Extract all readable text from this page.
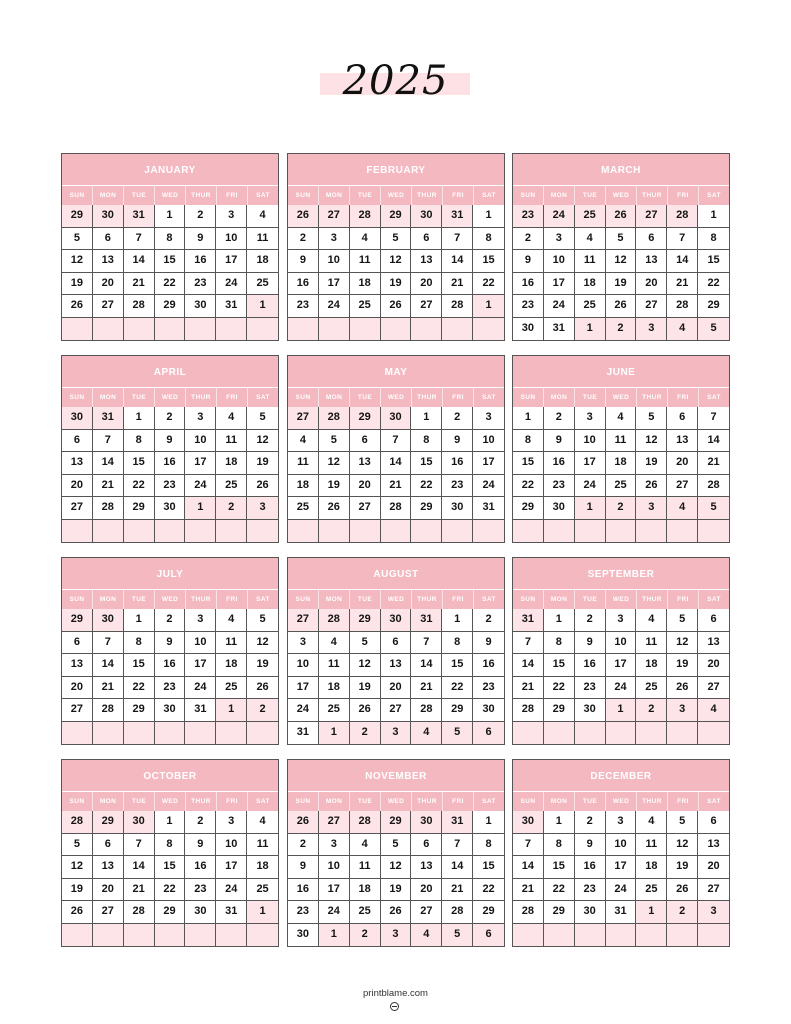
2025
JANUARY
SUN	MON	TUE	WED	THUR	FRI	SAT
29	30	31	1	2	3	4
5	6	7	8	9	10	11
12	13	14	15	16	17	18
19	20	21	22	23	24	25
26	27	28	29	30	31	1
FEBRUARY
SUN	MON	TUE	WED	THUR	FRI	SAT
26	27	28	29	30	31	1
2	3	4	5	6	7	8
9	10	11	12	13	14	15
16	17	18	19	20	21	22
23	24	25	26	27	28	1
MARCH
SUN	MON	TUE	WED	THUR	FRI	SAT
23	24	25	26	27	28	1
2	3	4	5	6	7	8
9	10	11	12	13	14	15
16	17	18	19	20	21	22
23	24	25	26	27	28	29
30	31	1	2	3	4	5
APRIL
SUN	MON	TUE	WED	THUR	FRI	SAT
30	31	1	2	3	4	5
6	7	8	9	10	11	12
13	14	15	16	17	18	19
20	21	22	23	24	25	26
27	28	29	30	1	2	3
MAY
SUN	MON	TUE	WED	THUR	FRI	SAT
27	28	29	30	1	2	3
4	5	6	7	8	9	10
11	12	13	14	15	16	17
18	19	20	21	22	23	24
25	26	27	28	29	30	31
JUNE
SUN	MON	TUE	WED	THUR	FRI	SAT
1	2	3	4	5	6	7
8	9	10	11	12	13	14
15	16	17	18	19	20	21
22	23	24	25	26	27	28
29	30	1	2	3	4	5
JULY
SUN	MON	TUE	WED	THUR	FRI	SAT
29	30	1	2	3	4	5
6	7	8	9	10	11	12
13	14	15	16	17	18	19
20	21	22	23	24	25	26
27	28	29	30	31	1	2
AUGUST
SUN	MON	TUE	WED	THUR	FRI	SAT
27	28	29	30	31	1	2
3	4	5	6	7	8	9
10	11	12	13	14	15	16
17	18	19	20	21	22	23
24	25	26	27	28	29	30
31	1	2	3	4	5	6
SEPTEMBER
SUN	MON	TUE	WED	THUR	FRI	SAT
31	1	2	3	4	5	6
7	8	9	10	11	12	13
14	15	16	17	18	19	20
21	22	23	24	25	26	27
28	29	30	1	2	3	4
OCTOBER
SUN	MON	TUE	WED	THUR	FRI	SAT
28	29	30	1	2	3	4
5	6	7	8	9	10	11
12	13	14	15	16	17	18
19	20	21	22	23	24	25
26	27	28	29	30	31	1
NOVEMBER
SUN	MON	TUE	WED	THUR	FRI	SAT
26	27	28	29	30	31	1
2	3	4	5	6	7	8
9	10	11	12	13	14	15
16	17	18	19	20	21	22
23	24	25	26	27	28	29
30	1	2	3	4	5	6
DECEMBER
SUN	MON	TUE	WED	THUR	FRI	SAT
30	1	2	3	4	5	6
7	8	9	10	11	12	13
14	15	16	17	18	19	20
21	22	23	24	25	26	27
28	29	30	31	1	2	3
printblame.com
